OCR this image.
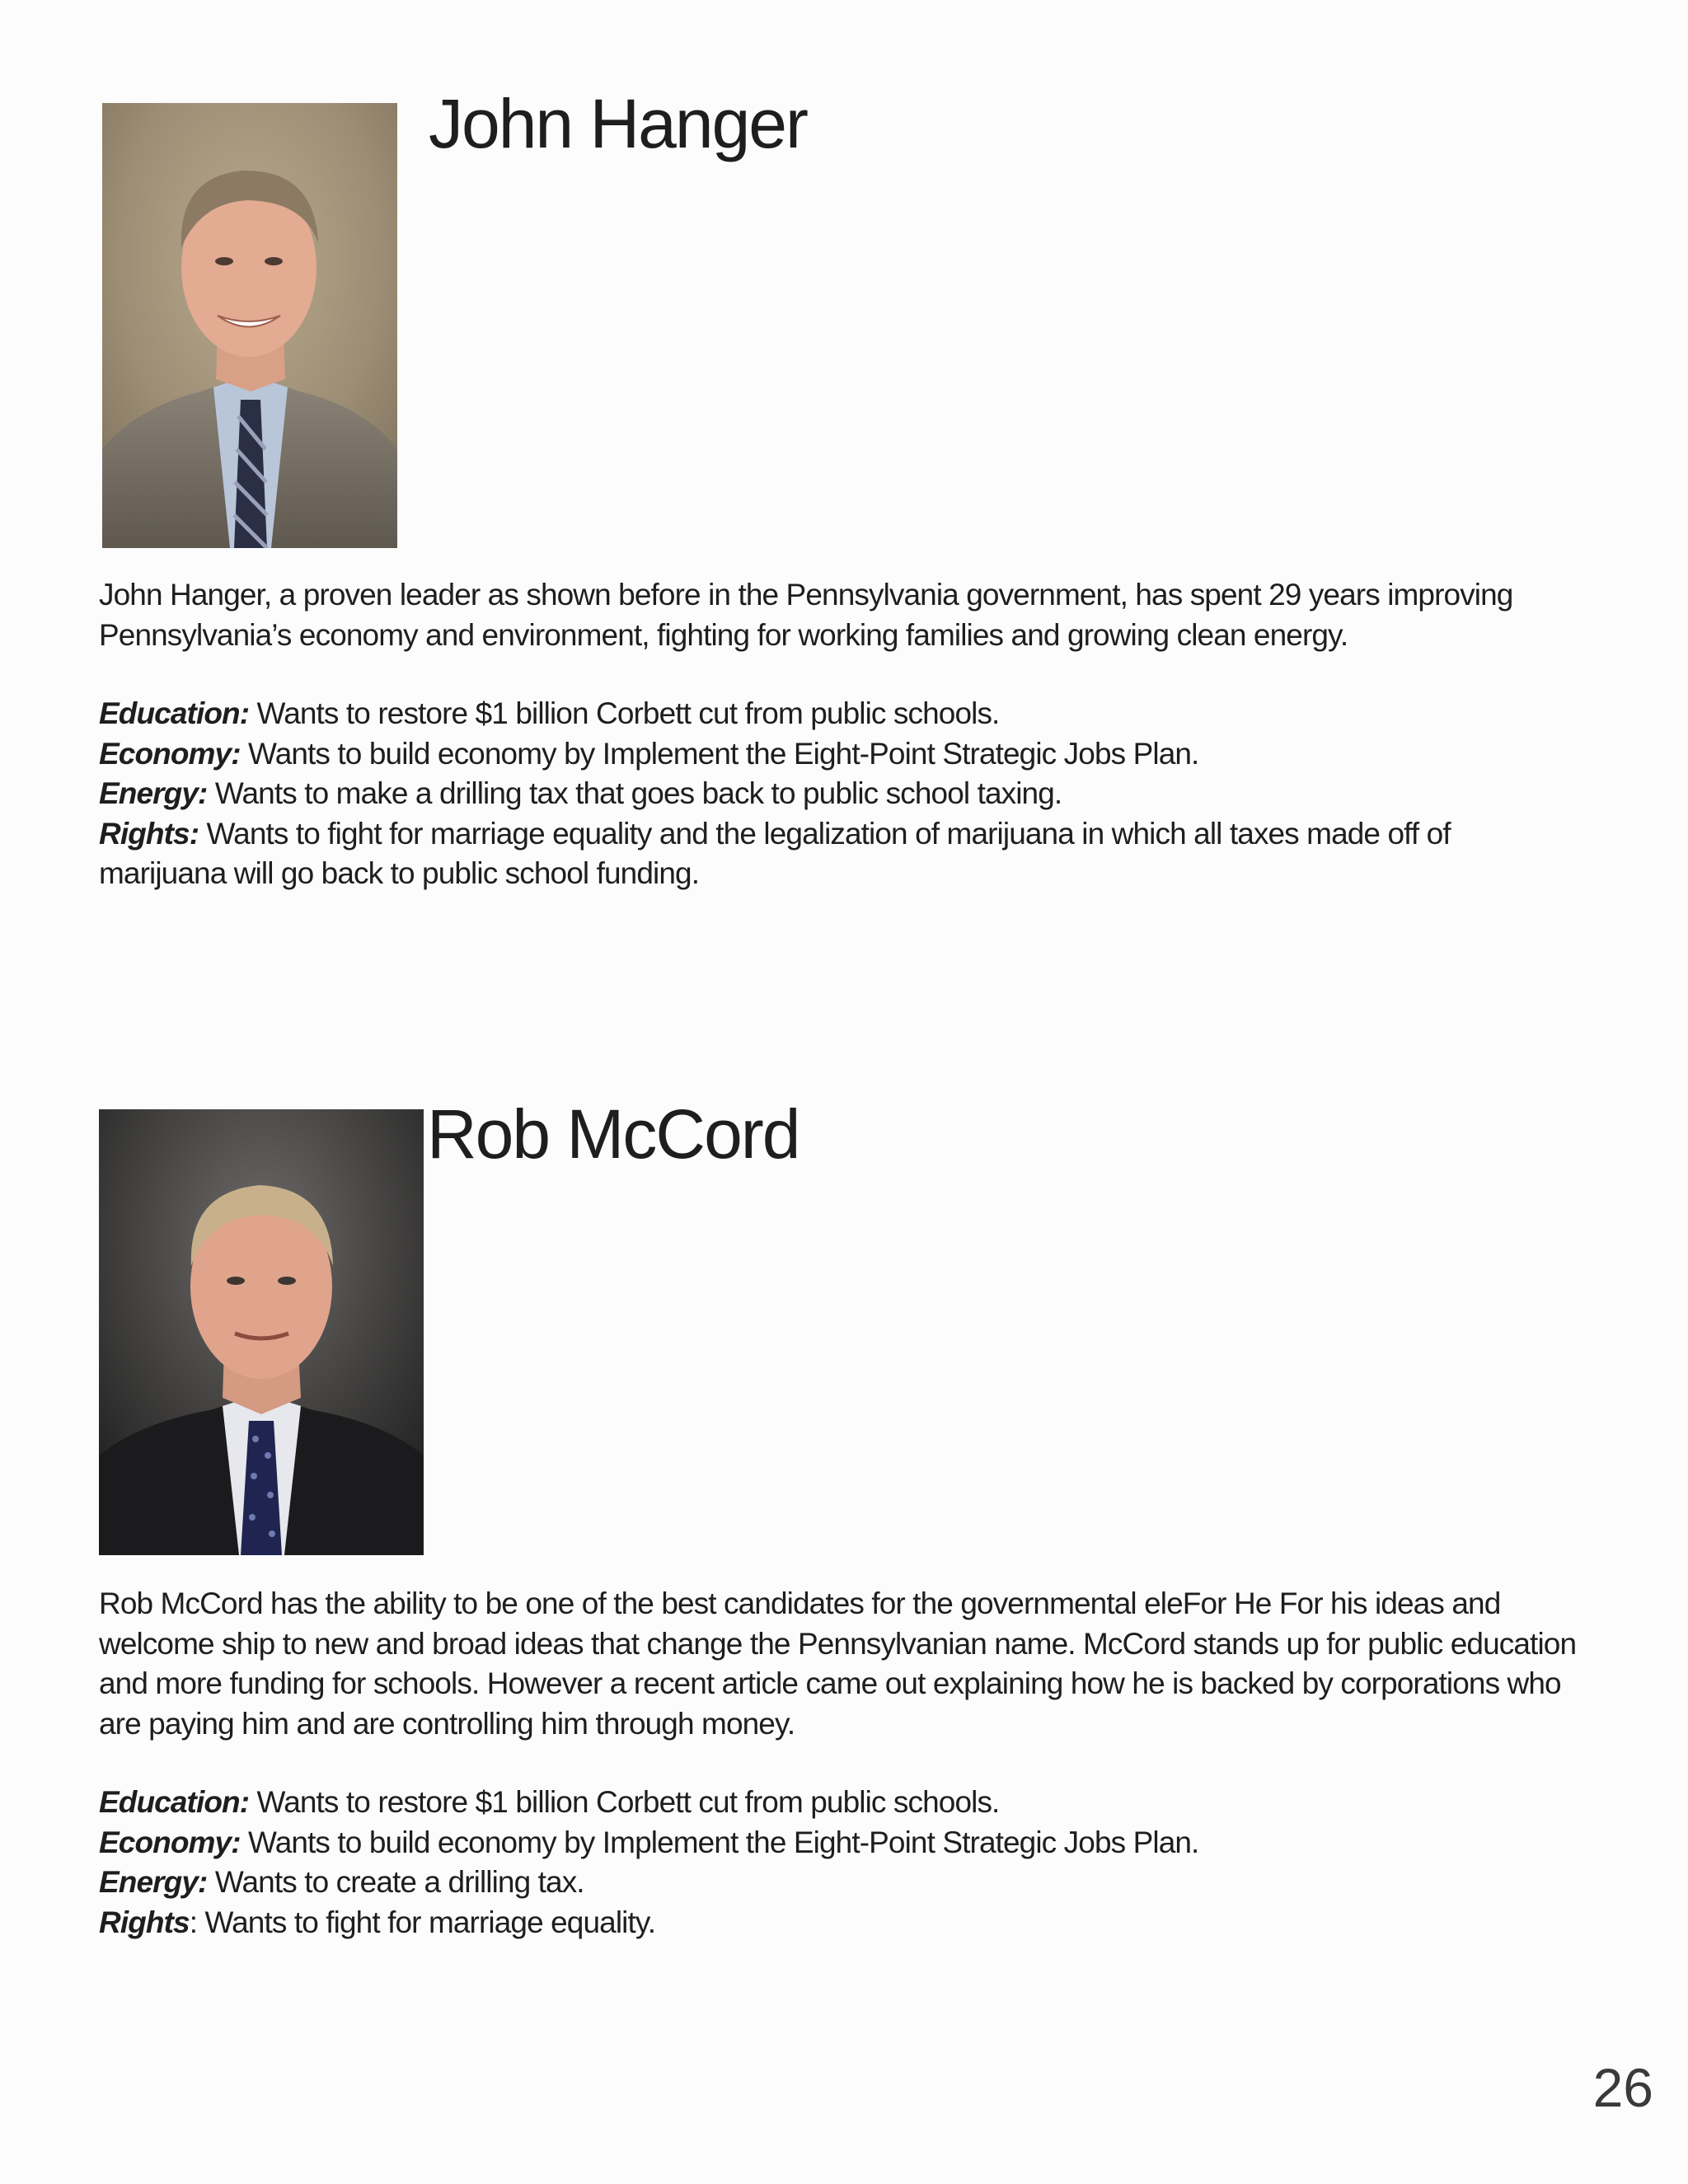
John Hanger

John Hanger, a proven leader as shown before in the Pennsylvania government, has spent 29 years improving Pennsylvania’s economy and environment, fighting for working families and growing clean energy.

Education: Wants to restore $1 billion Corbett cut from public schools.
Economy: Wants to build economy by Implement the Eight-Point Strategic Jobs Plan.
Energy: Wants to make a drilling tax that goes back to public school taxing.
Rights: Wants to fight for marriage equality and the legalization of marijuana in which all taxes made off of marijuana will go back to public school funding.
Rob McCord

Rob McCord has the ability to be one of the best candidates for the governmental eleFor He For his ideas and welcome ship to new and broad ideas that change the Pennsylvanian name. McCord stands up for public education and more funding for schools. However a recent article came out explaining how he is backed by corporations who are paying him and are controlling him through money.

Education: Wants to restore $1 billion Corbett cut from public schools.
Economy: Wants to build economy by Implement the Eight-Point Strategic Jobs Plan.
Energy: Wants to create a drilling tax.
Rights: Wants to fight for marriage equality.
26
